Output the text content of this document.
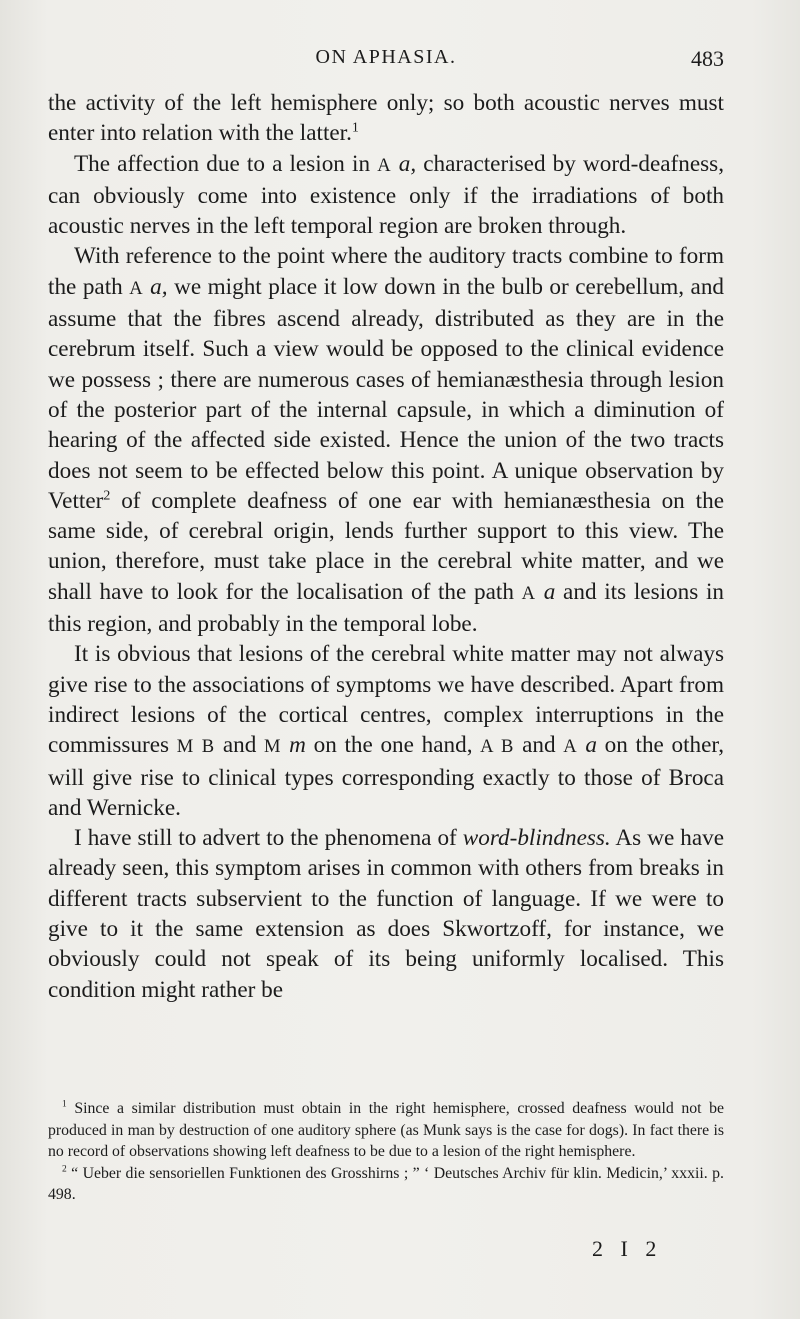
ON APHASIA.	483

the activity of the left hemisphere only; so both acoustic nerves must enter into relation with the latter.$^1$

The affection due to a lesion in A a, characterised by word-deafness, can obviously come into existence only if the irradiations of both acoustic nerves in the left temporal region are broken through.

With reference to the point where the auditory tracts combine to form the path A a, we might place it low down in the bulb or cerebellum, and assume that the fibres ascend already, distributed as they are in the cerebrum itself. Such a view would be opposed to the clinical evidence we possess ; there are numerous cases of hemianæsthesia through lesion of the posterior part of the internal capsule, in which a diminution of hearing of the affected side existed. Hence the union of the two tracts does not seem to be effected below this point. A unique observation by Vetter$^2$ of complete deafness of one ear with hemianæsthesia on the same side, of cerebral origin, lends further support to this view. The union, therefore, must take place in the cerebral white matter, and we shall have to look for the localisation of the path A a and its lesions in this region, and probably in the temporal lobe.

It is obvious that lesions of the cerebral white matter may not always give rise to the associations of symptoms we have described. Apart from indirect lesions of the cortical centres, complex interruptions in the commissures M B and M m on the one hand, A B and A a on the other, will give rise to clinical types corresponding exactly to those of Broca and Wernicke.

I have still to advert to the phenomena of word-blindness. As we have already seen, this symptom arises in common with others from breaks in different tracts subservient to the function of language. If we were to give to it the same extension as does Skwortzoff, for instance, we obviously could not speak of its being uniformly localised. This condition might rather be

$^1$ Since a similar distribution must obtain in the right hemisphere, crossed deafness would not be produced in man by destruction of one auditory sphere (as Munk says is the case for dogs). In fact there is no record of observations showing left deafness to be due to a lesion of the right hemisphere.

$^2$ “ Ueber die sensoriellen Funktionen des Grosshirns ; ” ‘ Deutsches Archiv für klin. Medicin,’ xxxii. p. 498.

2 I 2
